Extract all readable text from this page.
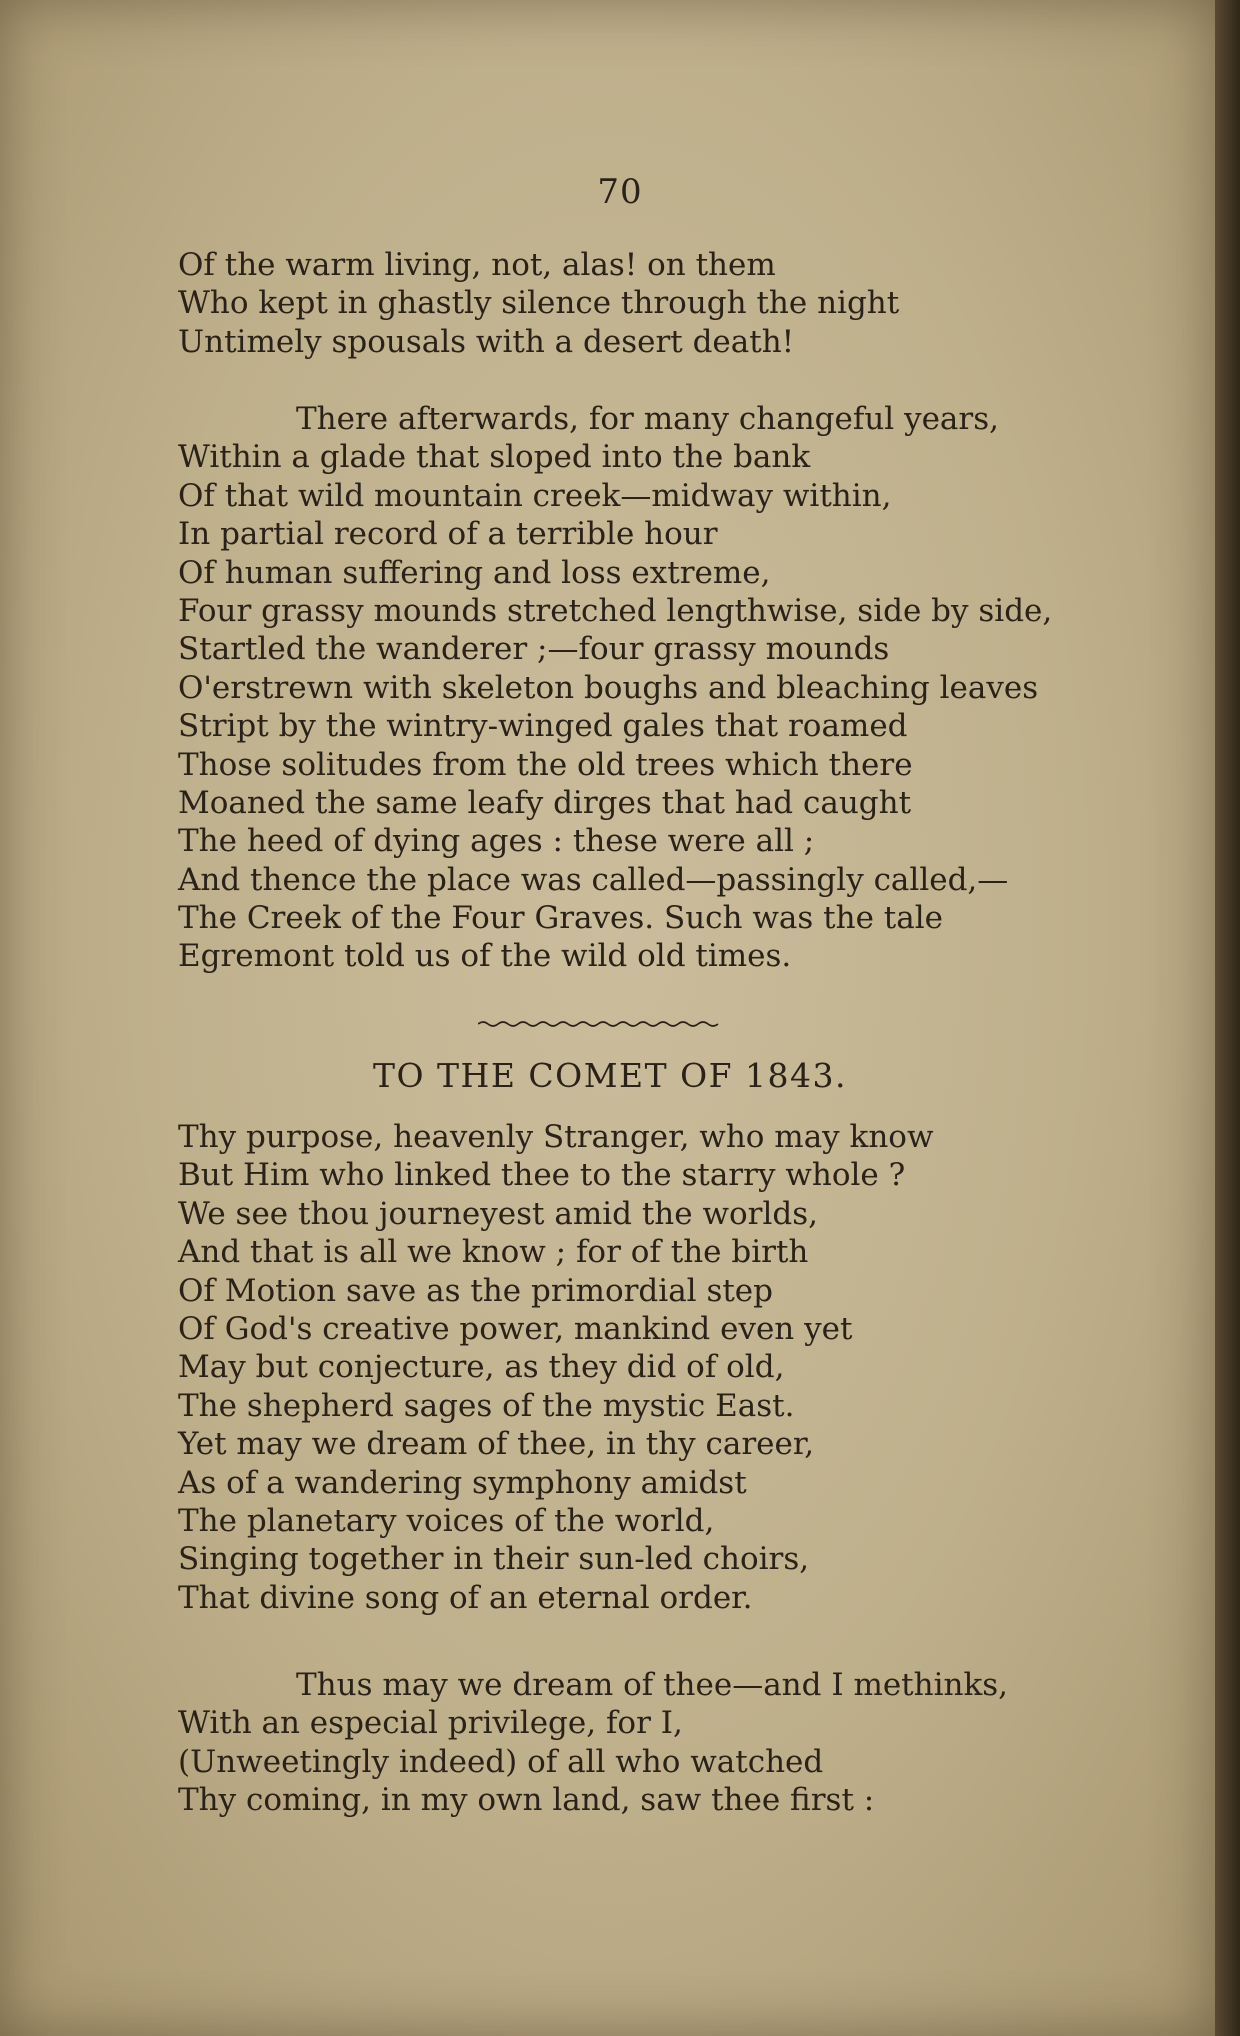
70
Of the warm living, not, alas! on them
Who kept in ghastly silence through the night
Untimely spousals with a desert death!
There afterwards, for many changeful years,
Within a glade that sloped into the bank
Of that wild mountain creek—midway within,
In partial record of a terrible hour
Of human suffering and loss extreme,
Four grassy mounds stretched lengthwise, side by side,
Startled the wanderer ;—four grassy mounds
O'erstrewn with skeleton boughs and bleaching leaves
Stript by the wintry-winged gales that roamed
Those solitudes from the old trees which there
Moaned the same leafy dirges that had caught
The heed of dying ages : these were all ;
And thence the place was called—passingly called,—
The Creek of the Four Graves. Such was the tale
Egremont told us of the wild old times.
TO THE COMET OF 1843.
Thy purpose, heavenly Stranger, who may know
But Him who linked thee to the starry whole ?
We see thou journeyest amid the worlds,
And that is all we know ; for of the birth
Of Motion save as the primordial step
Of God's creative power, mankind even yet
May but conjecture, as they did of old,
The shepherd sages of the mystic East.
Yet may we dream of thee, in thy career,
As of a wandering symphony amidst
The planetary voices of the world,
Singing together in their sun-led choirs,
That divine song of an eternal order.
Thus may we dream of thee—and I methinks,
With an especial privilege, for I,
(Unweetingly indeed) of all who watched
Thy coming, in my own land, saw thee first :
